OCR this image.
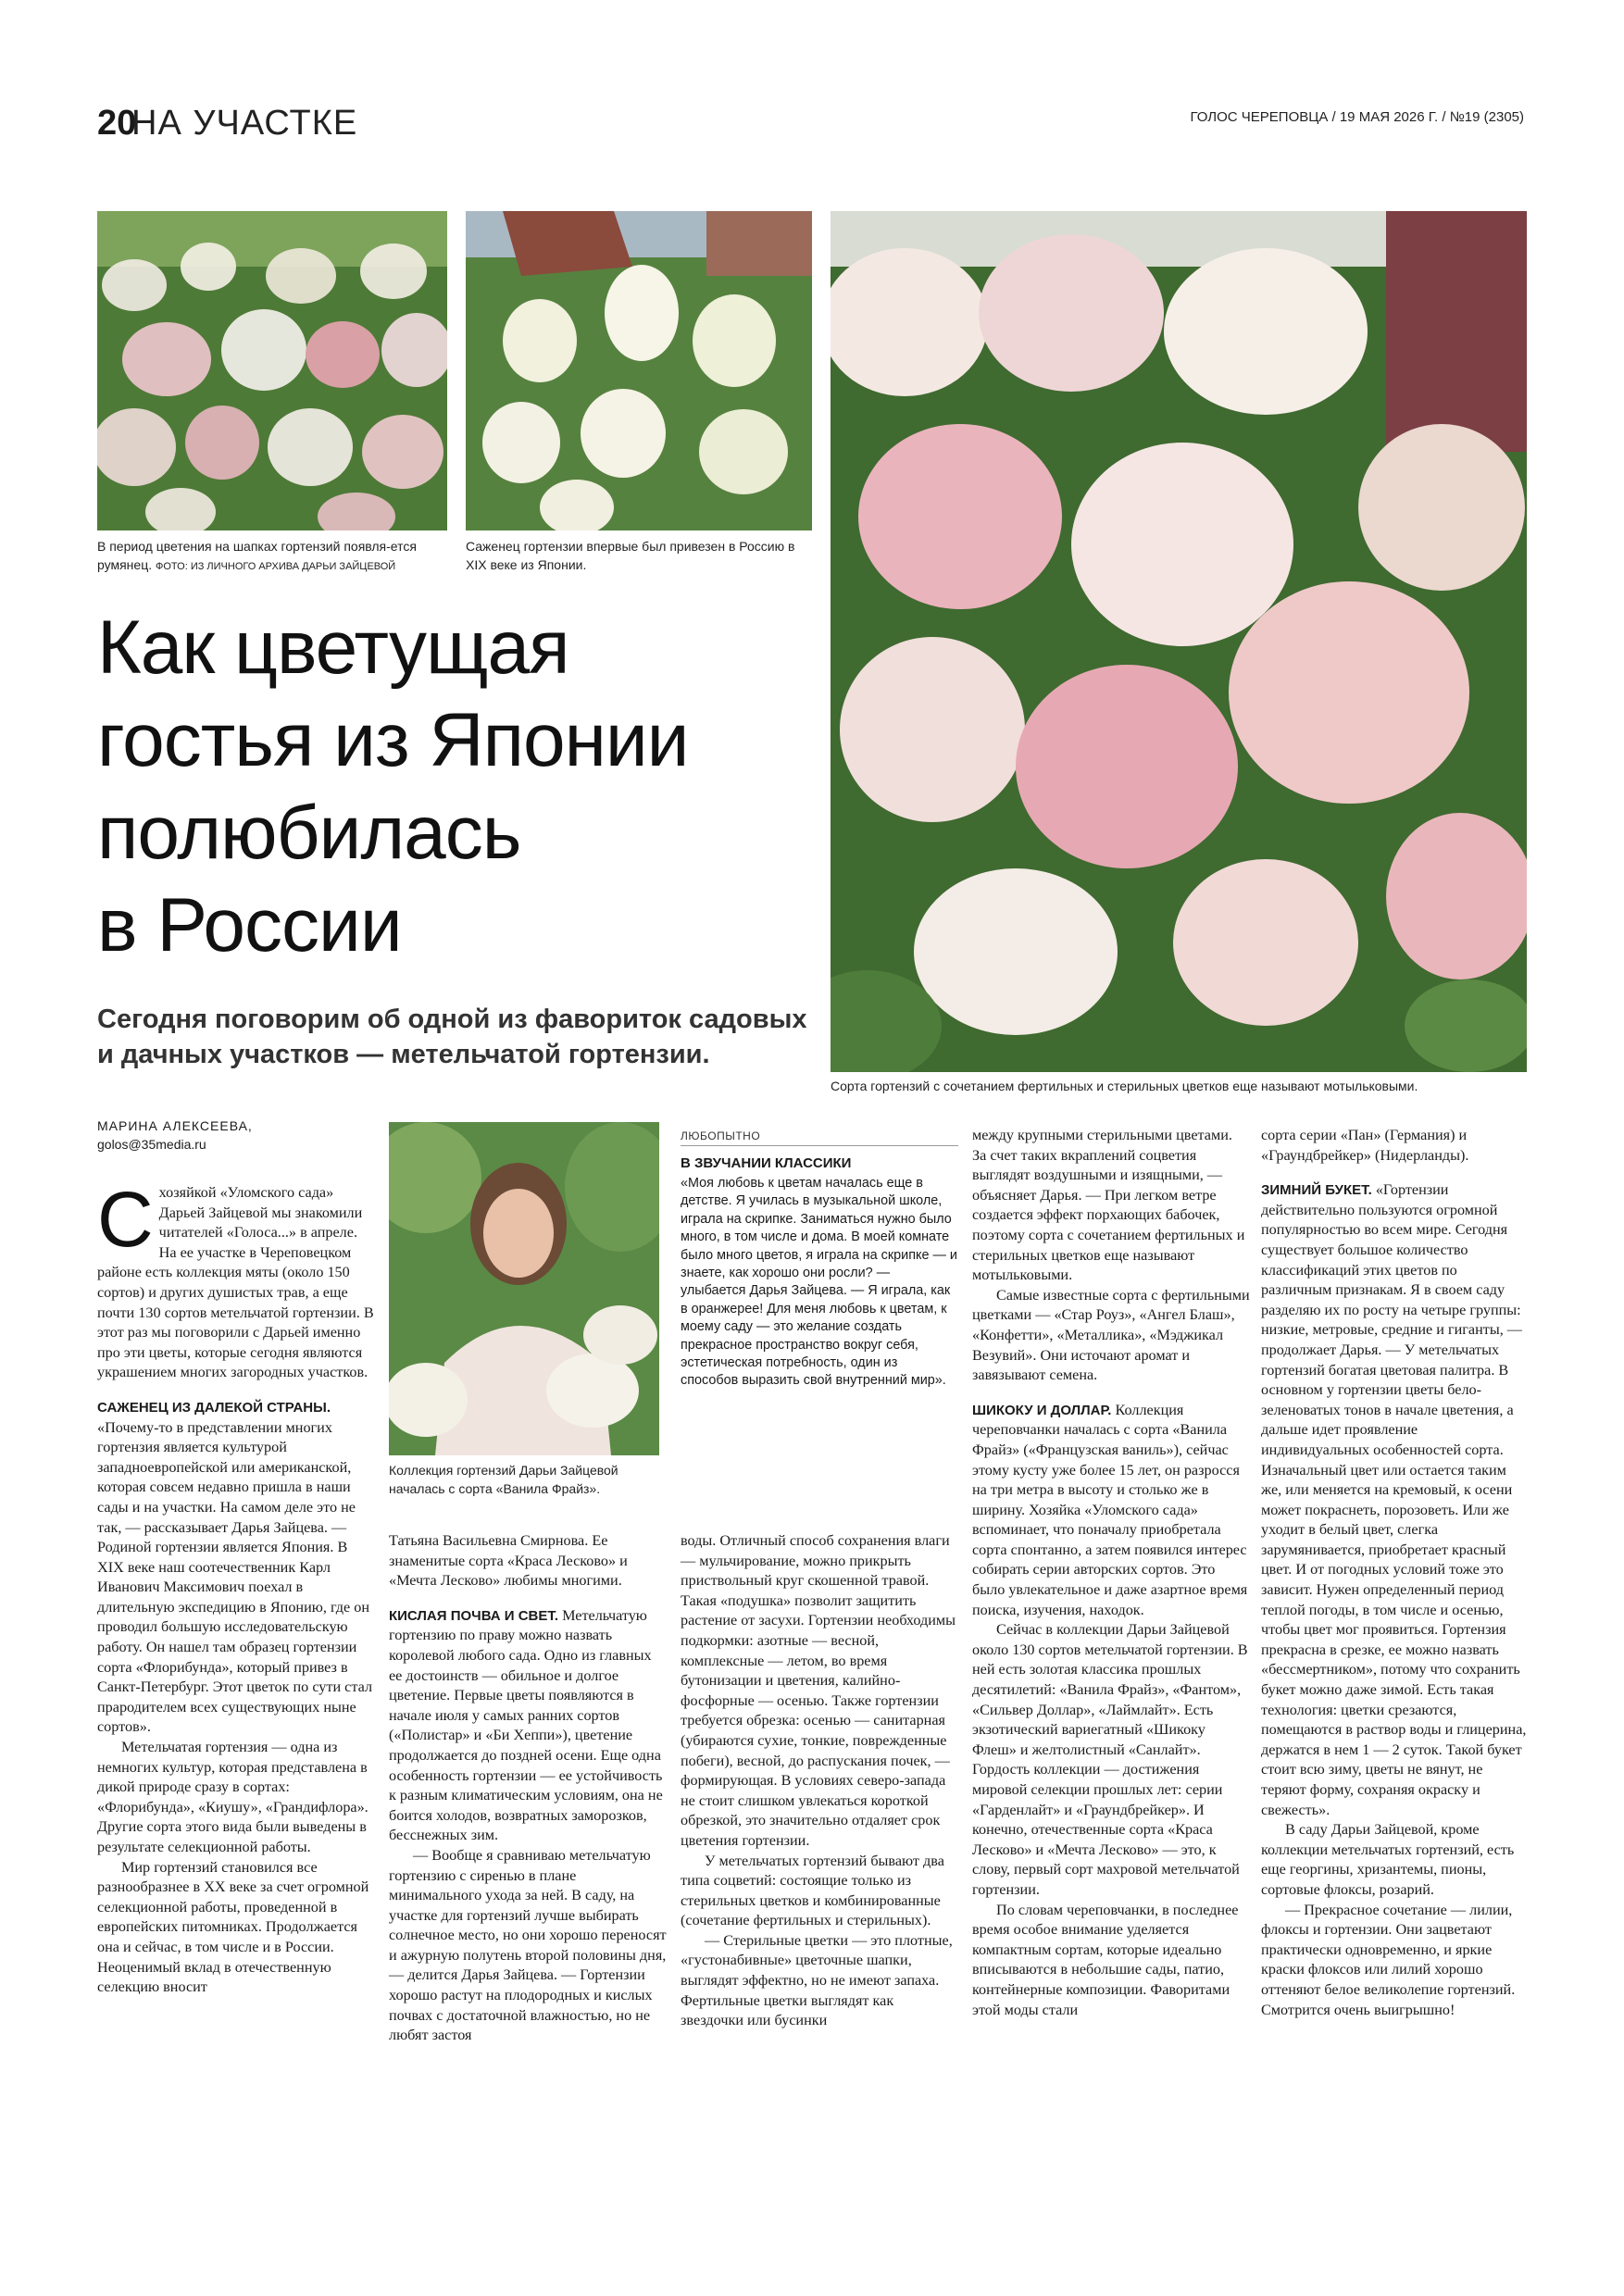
20
НА УЧАСТКЕ	ГОЛОС ЧЕРЕПОВЦА / 19 МАЯ 2026 Г. / №19 (2305)
В период цветения на шапках гортензий появля-ется румянец. ФОТО: ИЗ ЛИЧНОГО АРХИВА ДАРЬИ ЗАЙЦЕВОЙ
Саженец гортензии впервые был привезен в Россию в XIX веке из Японии.
Сорта гортензий с сочетанием фертильных и стерильных цветков еще называют мотыльковыми.
Как цветущая
гостья из Японии
полюбилась
в России
Сегодня поговорим об одной из фавориток садовых и дачных участков — метельчатой гортензии.
МАРИНА АЛЕКСЕЕВА,
golos@35media.ru

Схозяйкой «Уломского сада» Дарьей Зайцевой мы знакомили читателей «Голоса...» в апреле. На ее участке в Череповецком районе есть коллекция мяты (около 150 сортов) и других душистых трав, а еще почти 130 сортов метельчатой гортензии. В этот раз мы поговорили с Дарьей именно про эти цветы, которые сегодня являются украшением многих загородных участков.

САЖЕНЕЦ ИЗ ДАЛЕКОЙ СТРАНЫ.

«Почему-то в представлении многих гортензия является культурой западноевропейской или американской, которая совсем недавно пришла в наши сады и на участки. На самом деле это не так, — рассказывает Дарья Зайцева. — Родиной гортензии является Япония. В XIX веке наш соотечественник Карл Иванович Максимович поехал в длительную экспедицию в Японию, где он проводил большую исследовательскую работу. Он нашел там образец гортензии сорта «Флорибунда», который привез в Санкт-Петербург. Этот цветок по сути стал прародителем всех существующих ныне сортов».

Метельчатая гортензия — одна из немногих культур, которая представлена в дикой природе сразу в сортах: «Флорибунда», «Киушу», «Грандифлора». Другие сорта этого вида были выведены в результате селекционной работы.

Мир гортензий становился все разнообразнее в XX веке за счет огромной селекционной работы, проведенной в европейских питомниках. Продолжается она и сейчас, в том числе и в России. Неоценимый вклад в отечественную селекцию вносит

Коллекция гортензий Дарьи Зайцевой началась с сорта «Ванила Фрайз».

Татьяна Васильевна Смирнова. Ее знаменитые сорта «Краса Лесково» и «Мечта Лесково» любимы многими.

КИСЛАЯ ПОЧВА И СВЕТ. Метельчатую гортензию по праву можно назвать королевой любого сада. Одно из главных ее достоинств — обильное и долгое цветение. Первые цветы появляются в начале июля у самых ранних сортов («Полистар» и «Би Хеппи»), цветение продолжается до поздней осени. Еще одна особенность гортензии — ее устойчивость к разным климатическим условиям, она не боится холодов, возвратных заморозков, бесснежных зим.

— Вообще я сравниваю метельчатую гортензию с сиренью в плане минимального ухода за ней. В саду, на участке для гортензий лучше выбирать солнечное место, но они хорошо переносят и ажурную полутень второй половины дня, — делится Дарья Зайцева. — Гортензии хорошо растут на плодородных и кислых почвах с достаточной влажностью, но не любят застоя

ЛЮБОПЫТНО
В ЗВУЧАНИИ КЛАССИКИ

«Моя любовь к цветам началась еще в детстве. Я училась в музыкальной школе, играла на скрипке. Заниматься нужно было много, в том числе и дома. В моей комнате было много цветов, я играла на скрипке — и знаете, как хорошо они росли? — улыбается Дарья Зайцева. — Я играла, как в оранжерее! Для меня любовь к цветам, к моему саду — это желание создать прекрасное пространство вокруг себя, эстетическая потребность, один из способов выразить свой внутренний мир».

воды. Отличный способ сохранения влаги — мульчирование, можно прикрыть приствольный круг скошенной травой. Такая «подушка» позволит защитить растение от засухи. Гортензии необходимы подкормки: азотные — весной, комплексные — летом, во время бутонизации и цветения, калийно-фосфорные — осенью. Также гортензии требуется обрезка: осенью — санитарная (убираются сухие, тонкие, поврежденные побеги), весной, до распускания почек, — формирующая. В условиях северо-запада не стоит слишком увлекаться короткой обрезкой, это значительно отдаляет срок цветения гортензии.

У метельчатых гортензий бывают два типа соцветий: состоящие только из стерильных цветков и комбинированные (сочетание фертильных и стерильных).

— Стерильные цветки — это плотные, «густонабивные» цветочные шапки, выглядят эффектно, но не имеют запаха. Фертильные цветки выглядят как звездочки или бусинки

между крупными стерильными цветами. За счет таких вкраплений соцветия выглядят воздушными и изящными, — объясняет Дарья. — При легком ветре создается эффект порхающих бабочек, поэтому сорта с сочетанием фертильных и стерильных цветков еще называют мотыльковыми.

Самые известные сорта с фертильными цветками — «Стар Роуз», «Ангел Блаш», «Конфетти», «Металлика», «Мэджикал Везувий». Они источают аромат и завязывают семена.

ШИКОКУ И ДОЛЛАР. Коллекция череповчанки началась с сорта «Ванила Фрайз» («Французская ваниль»), сейчас этому кусту уже более 15 лет, он разросся на три метра в высоту и столько же в ширину. Хозяйка «Уломского сада» вспоминает, что поначалу приобретала сорта спонтанно, а затем появился интерес собирать серии авторских сортов. Это было увлекательное и даже азартное время поиска, изучения, находок.

Сейчас в коллекции Дарьи Зайцевой около 130 сортов метельчатой гортензии. В ней есть золотая классика прошлых десятилетий: «Ванила Фрайз», «Фантом», «Сильвер Доллар», «Лаймлайт». Есть экзотический вариегатный «Шикоку Флеш» и желтолистный «Санлайт». Гордость коллекции — достижения мировой селекции прошлых лет: серии «Гарденлайт» и «Граундбрейкер». И конечно, отечественные сорта «Краса Лесково» и «Мечта Лесково» — это, к слову, первый сорт махровой метельчатой гортензии.

По словам череповчанки, в последнее время особое внимание уделяется компактным сортам, которые идеально вписываются в небольшие сады, патио, контейнерные композиции. Фаворитами этой моды стали

сорта серии «Пан» (Германия) и «Граундбрейкер» (Нидерланды).

ЗИМНИЙ БУКЕТ. «Гортензии действительно пользуются огромной популярностью во всем мире. Сегодня существует большое количество классификаций этих цветов по различным признакам. Я в своем саду разделяю их по росту на четыре группы: низкие, метровые, средние и гиганты, — продолжает Дарья. — У метельчатых гортензий богатая цветовая палитра. В основном у гортензии цветы бело-зеленоватых тонов в начале цветения, а дальше идет проявление индивидуальных особенностей сорта. Изначальный цвет или остается таким же, или меняется на кремовый, к осени может покраснеть, порозоветь. Или же уходит в белый цвет, слегка зарумянивается, приобретает красный цвет. И от погодных условий тоже это зависит. Нужен определенный период теплой погоды, в том числе и осенью, чтобы цвет мог проявиться. Гортензия прекрасна в срезке, ее можно назвать «бессмертником», потому что сохранить букет можно даже зимой. Есть такая технология: цветки срезаются, помещаются в раствор воды и глицерина, держатся в нем 1 — 2 суток. Такой букет стоит всю зиму, цветы не вянут, не теряют форму, сохраняя окраску и свежесть».

В саду Дарьи Зайцевой, кроме коллекции метельчатых гортензий, есть еще георгины, хризантемы, пионы, сортовые флоксы, розарий.

— Прекрасное сочетание — лилии, флоксы и гортензии. Они зацветают практически одновременно, и яркие краски флоксов или лилий хорошо оттеняют белое великолепие гортензий. Смотрится очень выигрышно!
